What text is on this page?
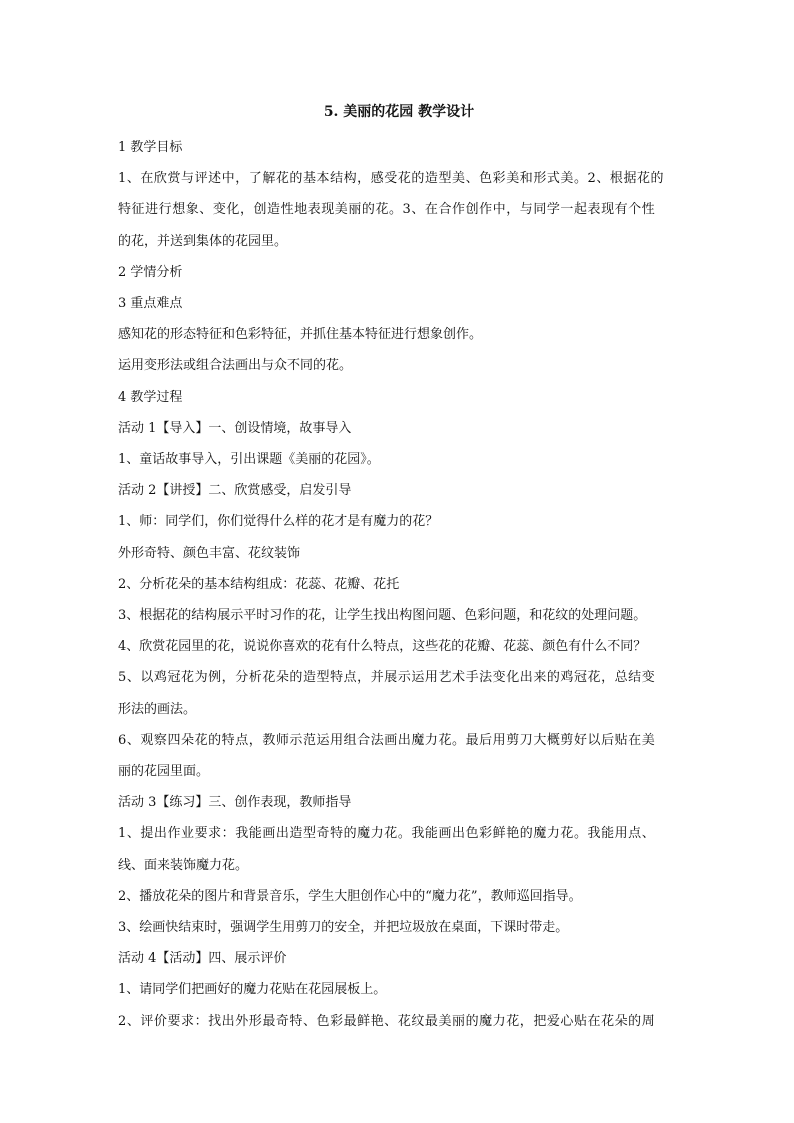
5. 美丽的花园 教学设计
1 教学目标
1、在欣赏与评述中，了解花的基本结构，感受花的造型美、色彩美和形式美。2、根据花的
特征进行想象、变化，创造性地表现美丽的花。3、在合作创作中，与同学一起表现有个性
的花，并送到集体的花园里。
2 学情分析
3 重点难点
感知花的形态特征和色彩特征，并抓住基本特征进行想象创作。
运用变形法或组合法画出与众不同的花。
4 教学过程
活动 1【导入】一、创设情境，故事导入
1、童话故事导入，引出课题《美丽的花园》。
活动 2【讲授】二、欣赏感受，启发引导
1、师：同学们，你们觉得什么样的花才是有魔力的花？
外形奇特、颜色丰富、花纹装饰
2、分析花朵的基本结构组成：花蕊、花瓣、花托
3、根据花的结构展示平时习作的花，让学生找出构图问题、色彩问题，和花纹的处理问题。
4、欣赏花园里的花，说说你喜欢的花有什么特点，这些花的花瓣、花蕊、颜色有什么不同？
5、以鸡冠花为例，分析花朵的造型特点，并展示运用艺术手法变化出来的鸡冠花，总结变
形法的画法。
6、观察四朵花的特点，教师示范运用组合法画出魔力花。最后用剪刀大概剪好以后贴在美
丽的花园里面。
活动 3【练习】三、创作表现，教师指导
1、提出作业要求：我能画出造型奇特的魔力花。我能画出色彩鲜艳的魔力花。我能用点、
线、面来装饰魔力花。
2、播放花朵的图片和背景音乐，学生大胆创作心中的“魔力花”，教师巡回指导。
3、绘画快结束时，强调学生用剪刀的安全，并把垃圾放在桌面，下课时带走。
活动 4【活动】四、展示评价
1、请同学们把画好的魔力花贴在花园展板上。
2、评价要求：找出外形最奇特、色彩最鲜艳、花纹最美丽的魔力花，把爱心贴在花朵的周
